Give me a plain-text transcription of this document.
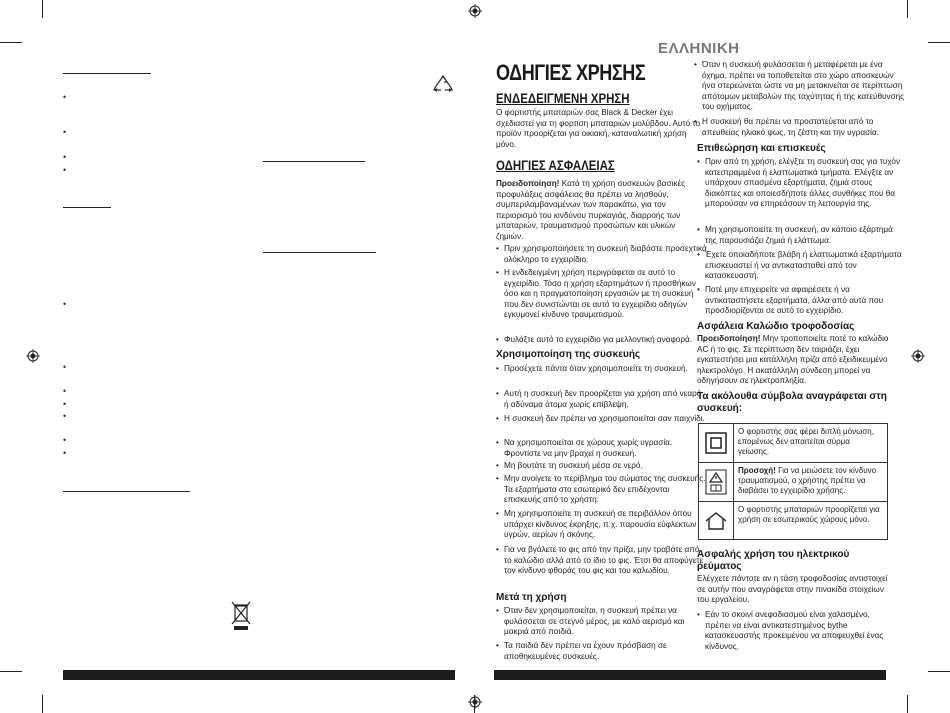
•
•
•
•
•
•
•
•
•
•
•
ΕΛΛΗΝΙΚΗ
ΟΔΗΓΙΕΣ ΧΡΗΣΗΣ
ΕΝΔΕΔΕΙΓΜΕΝΗ ΧΡΗΣΗ
Ο φορτιστής μπαταριών σας Black & Decker έχει σχεδιαστεί για τη φορτιση μπαταριών μολύβδου. Αυτό το προϊόν προορίζεται για οικιακή, καταναλωτική χρήση μόνο.
ΟΔΗΓΙΕΣ ΑΣΦΑΛΕΙΑΣ
Προειδοποίηση! Κατά τη χρήση συσκευών βασικές προφυλάξεις ασφάλειας θα πρέπει να λησθούν, συμπεριλαμβανομένων των παρακάτω, για τον περιορισμό του κινδύνου πυρκαγιάς, διαρροής των μπαταριών, τραυματισμού προσώπων και υλικών ζημιών.
• Πριν χρησιμοποιήσετε τη συσκευή διαβάστε προσεχτικά ολόκληρο το εγχειρίδιο.
• Η ενδεδειγμένη χρήση περιγράφεται σε αυτό το εγχειρίδιο. Τόσο η χρήση εξαρτημάτων ή προσθήκων όσο και η πραγματοποίηση εργασιών με τη συσκευή που δεν συνιστώνται σε αυτό το εγχειρίδιο οδηγών εγκυμονεί κίνδυνο τραυματισμού.
• Φυλάξτε αυτό το εγχειρίδιο για μελλοντική αναφορά.
Χρησιμοποίηση της συσκευής
• Προσέχετε πάντα όταν χρησιμοποιείτε τη συσκευή.
• Αυτή η συσκευή δεν προορίζεται για χρήση από νεαρά ή αδύναμα άτομα χωρίς επίβλεψη.
• Η συσκευή δεν πρέπει να χρησιμοποιείται σαν παιχνίδι.
• Να χρησιμοποιείται σε χώρους χωρίς υγρασία. Φροντίστε να μην βραχεί η συσκευή.
• Μη βουτάτε τη συσκευή μέσα σε νερό.
• Μην ανοίγετε το περίβλημα του σώματος της συσκευής. Τα εξαρτήματα στο εσωτερικό δεν επιδέχονται επισκευής από το χρήστη.
• Μη χρησιμοποιείτε τη συσκευή σε περιβάλλον όπου υπάρχει κίνδυνος έκρηξης, π.χ. παρουσία εύφλεκτων υγρών, αερίων ή σκόνης.
• Για να βγάλετε το φις από την πρίζα, μην τραβάτε από το καλώδιο αλλά από το ίδιο το φις. Έτσι θα αποφύγετε τον κίνδυνο φθοράς του φις και του καλωδίου.
Μετά τη χρήση
• Όταν δεν χρησιμοποιείται, η συσκευή πρέπει να φυλάσσεται σε στεγνό μέρος, με καλό αερισμό και μακριά από παιδιά.
• Τα παιδιά δεν πρέπει να έχουν πρόσβαση σε αποθηκευμένες συσκευές.
• Όταν η συσκευή φυλάσσεται ή μεταφέρεται με ένα όχημα, πρέπει να τοποθετείται στο χώρο αποσκευών ήνα στερεώνεται ώστε να μη μετακινείται σε περίπτωση απότομων μεταβολών της ταχύτητας ή της κατεύθυνσης του οχήματος.
• Η συσκευή θα πρέπει να προστατεύεται από το απευθείας ηλιακό φως, τη ζέστη και την υγρασία.
Επιθεώρηση και επισκευές
• Πριν από τη χρήση, ελέγξτε τη συσκευή σας για τυχόν κατεστραμμένα ή ελαττωματικά τμήματα. Ελέγξτε αν υπάρχουν σπασμένα εξαρτήματα, ζημιά στους διακόπτες και οποιεσδήποτε άλλες συνθήκες που θα μπορούσαν να επηρεάσουν τη λειτουργία της.
• Μη χρησιμοποιείτε τη συσκευή, αν κάποιο εξάρτημά της παρουσιάζει ζημιά ή ελάττωμα.
• Έχετε οποιαδήποτε βλάβη ή ελαττωματικά εξαρτήματα επισκευαστεί ή να αντικατασταθεί από τον κατασκευαστή.
• Ποτέ μην επιχειρείτε να αφαιρέσετε ή να αντικαταστήσετε εξαρτήματα, άλλα από αυτά που προσδιορίζονται σε αυτό το εγχειρίδιο.
Ασφάλεια Καλώδιο τροφοδοσίας
Προειδοποίηση! Μην τροποποιείτε ποτέ το καλώδιο AC ή το φις. Σε περίπτωση δεν ταιριάζει, έχει εγκατεστήσει μια κατάλληλη πρίζα από εξειδικευμένο ηλεκτρολόγο. Η ακατάλληλη σύνδεση μπορεί να οδηγήσουν σε ηλεκτροπληξία.
Τα ακόλουθα σύμβολα αναγράφεται στη συσκευή:
Ο φορτιστής σας φέρει διπλή μόνωση, επομένως δεν απαιτείται σύρμα γείωσης.
Προσοχή! Για να μειώσετε τον κίνδυνο τραυματισμού, ο χρήστης πρέπει να διαβάσει το εγχειρίδιο χρήσης.
Ο φορτιστής μπαταριών προορίζεται για χρήση σε εσωτερικούς χώρους μόνο.
Ασφαλής χρήση του ηλεκτρικού ρεύματος
Ελέγχετε πάντοτε αν η τάση τροφοδοσίας αντιστοιχεί σε αυτήν που αναγράφεται στην πινακίδα στοιχείων του εργαλείου.
• Εάν το σκοινί ανεφοδιασμού είναι χαλασμένο, πρέπει να είναι αντικατεστημένος bythe κατασκευαστής προκειμένου να αποφευχθεί ένας κίνδυνος.
